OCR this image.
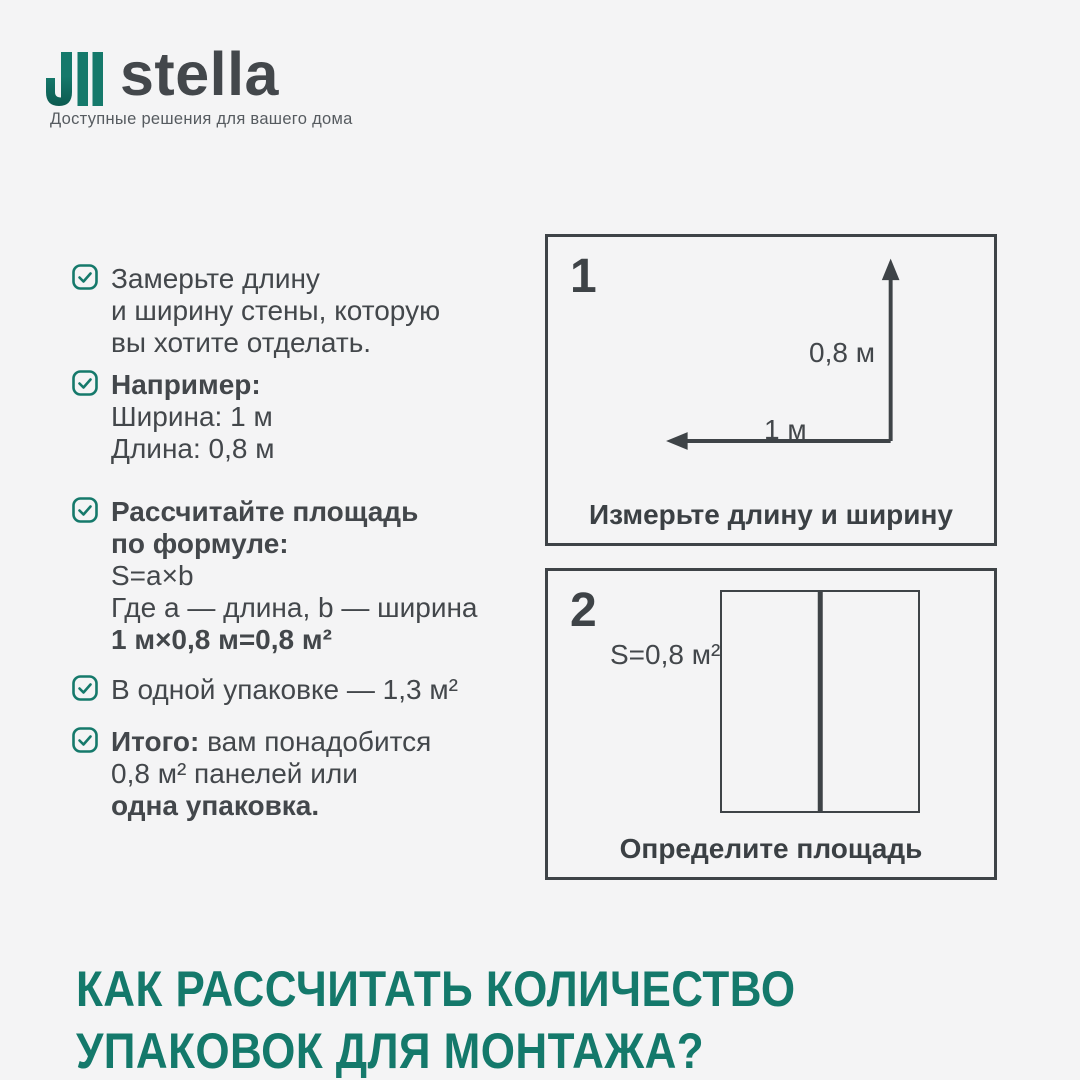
stella
Доступные решения для вашего дома
Замерьте длину
и ширину стены, которую
вы хотите отделать.
Например:
Ширина: 1 м
Длина: 0,8 м
Рассчитайте площадь
по формуле:
S=a×b
Где a — длина, b — ширина
1 м×0,8 м=0,8 м²
В одной упаковке — 1,3 м²
Итого: вам понадобится
0,8 м² панелей или
одна упаковка.
1
0,8 м
1 м
Измерьте длину и ширину
2
S=0,8 м²
Определите площадь
КАК РАССЧИТАТЬ КОЛИЧЕСТВО
УПАКОВОК ДЛЯ МОНТАЖА?
